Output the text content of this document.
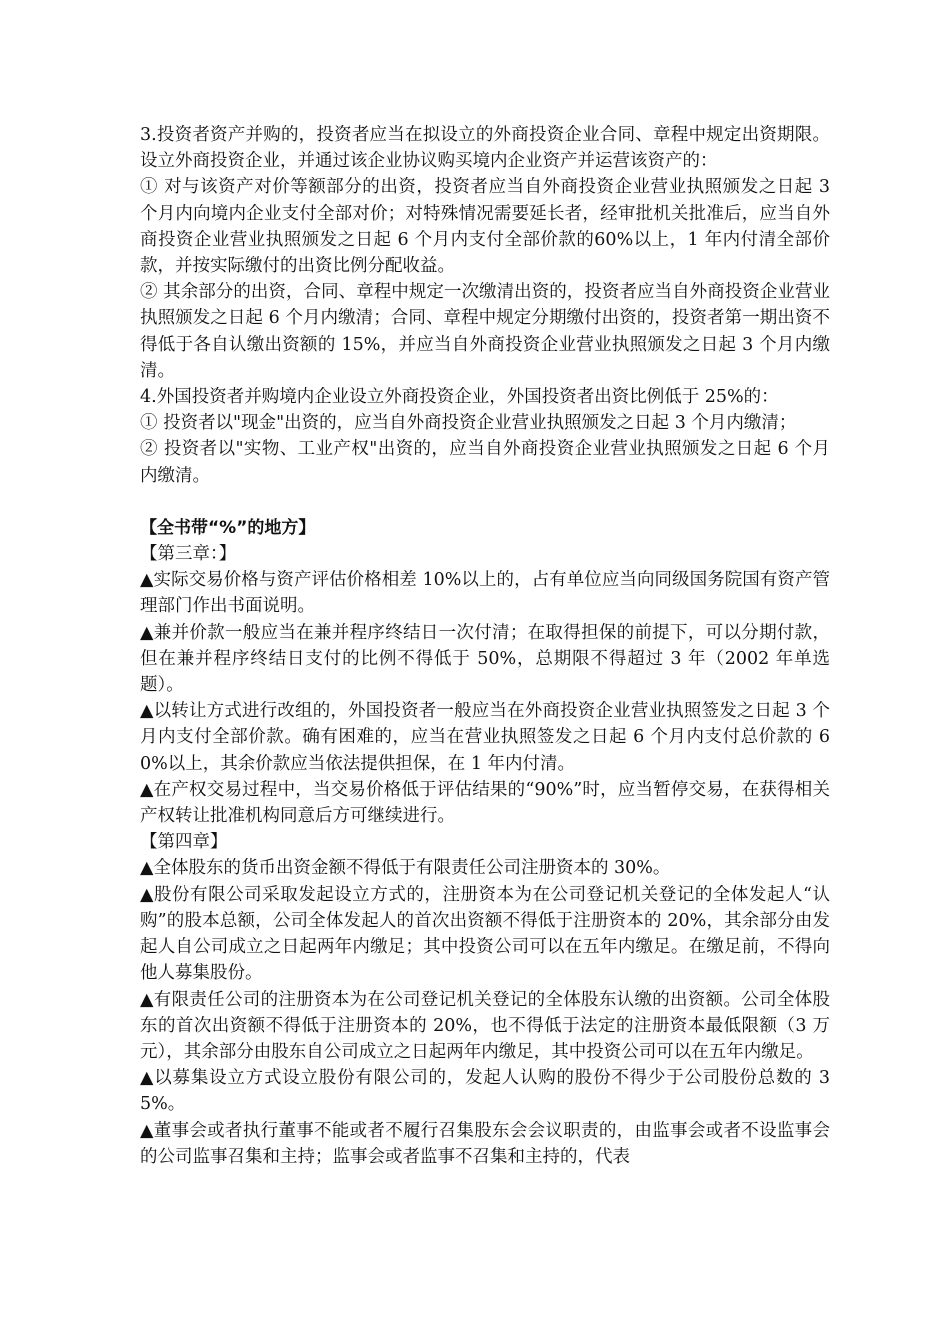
3.投资者资产并购的，投资者应当在拟设立的外商投资企业合同、章程中规定出资期限。设立外商投资企业，并通过该企业协议购买境内企业资产并运营该资产的：

① 对与该资产对价等额部分的出资，投资者应当自外商投资企业营业执照颁发之日起 3 个月内向境内企业支付全部对价；对特殊情况需要延长者，经审批机关批准后，应当自外商投资企业营业执照颁发之日起 6 个月内支付全部价款的60%以上，1 年内付清全部价款，并按实际缴付的出资比例分配收益。

② 其余部分的出资，合同、章程中规定一次缴清出资的，投资者应当自外商投资企业营业执照颁发之日起 6 个月内缴清；合同、章程中规定分期缴付出资的，投资者第一期出资不得低于各自认缴出资额的 15%，并应当自外商投资企业营业执照颁发之日起 3 个月内缴清。

4.外国投资者并购境内企业设立外商投资企业，外国投资者出资比例低于 25%的：

① 投资者以"现金"出资的，应当自外商投资企业营业执照颁发之日起 3 个月内缴清；

② 投资者以"实物、工业产权"出资的，应当自外商投资企业营业执照颁发之日起 6 个月内缴清。

【全书带“%”的地方】

【第三章：】

▲实际交易价格与资产评估价格相差 10%以上的，占有单位应当向同级国务院国有资产管理部门作出书面说明。

▲兼并价款一般应当在兼并程序终结日一次付清；在取得担保的前提下，可以分期付款，但在兼并程序终结日支付的比例不得低于 50%，总期限不得超过 3 年（2002 年单选题）。

▲以转让方式进行改组的，外国投资者一般应当在外商投资企业营业执照签发之日起 3 个月内支付全部价款。确有困难的，应当在营业执照签发之日起 6 个月内支付总价款的 60%以上，其余价款应当依法提供担保，在 1 年内付清。

▲在产权交易过程中，当交易价格低于评估结果的“90%”时，应当暂停交易，在获得相关产权转让批准机构同意后方可继续进行。

【第四章】

▲全体股东的货币出资金额不得低于有限责任公司注册资本的 30%。

▲股份有限公司采取发起设立方式的，注册资本为在公司登记机关登记的全体发起人“认购”的股本总额，公司全体发起人的首次出资额不得低于注册资本的 20%，其余部分由发起人自公司成立之日起两年内缴足；其中投资公司可以在五年内缴足。在缴足前，不得向他人募集股份。

▲有限责任公司的注册资本为在公司登记机关登记的全体股东认缴的出资额。公司全体股东的首次出资额不得低于注册资本的 20%，也不得低于法定的注册资本最低限额（3 万元），其余部分由股东自公司成立之日起两年内缴足，其中投资公司可以在五年内缴足。

▲以募集设立方式设立股份有限公司的，发起人认购的股份不得少于公司股份总数的 35%。

▲董事会或者执行董事不能或者不履行召集股东会会议职责的，由监事会或者不设监事会的公司监事召集和主持；监事会或者监事不召集和主持的，代表
